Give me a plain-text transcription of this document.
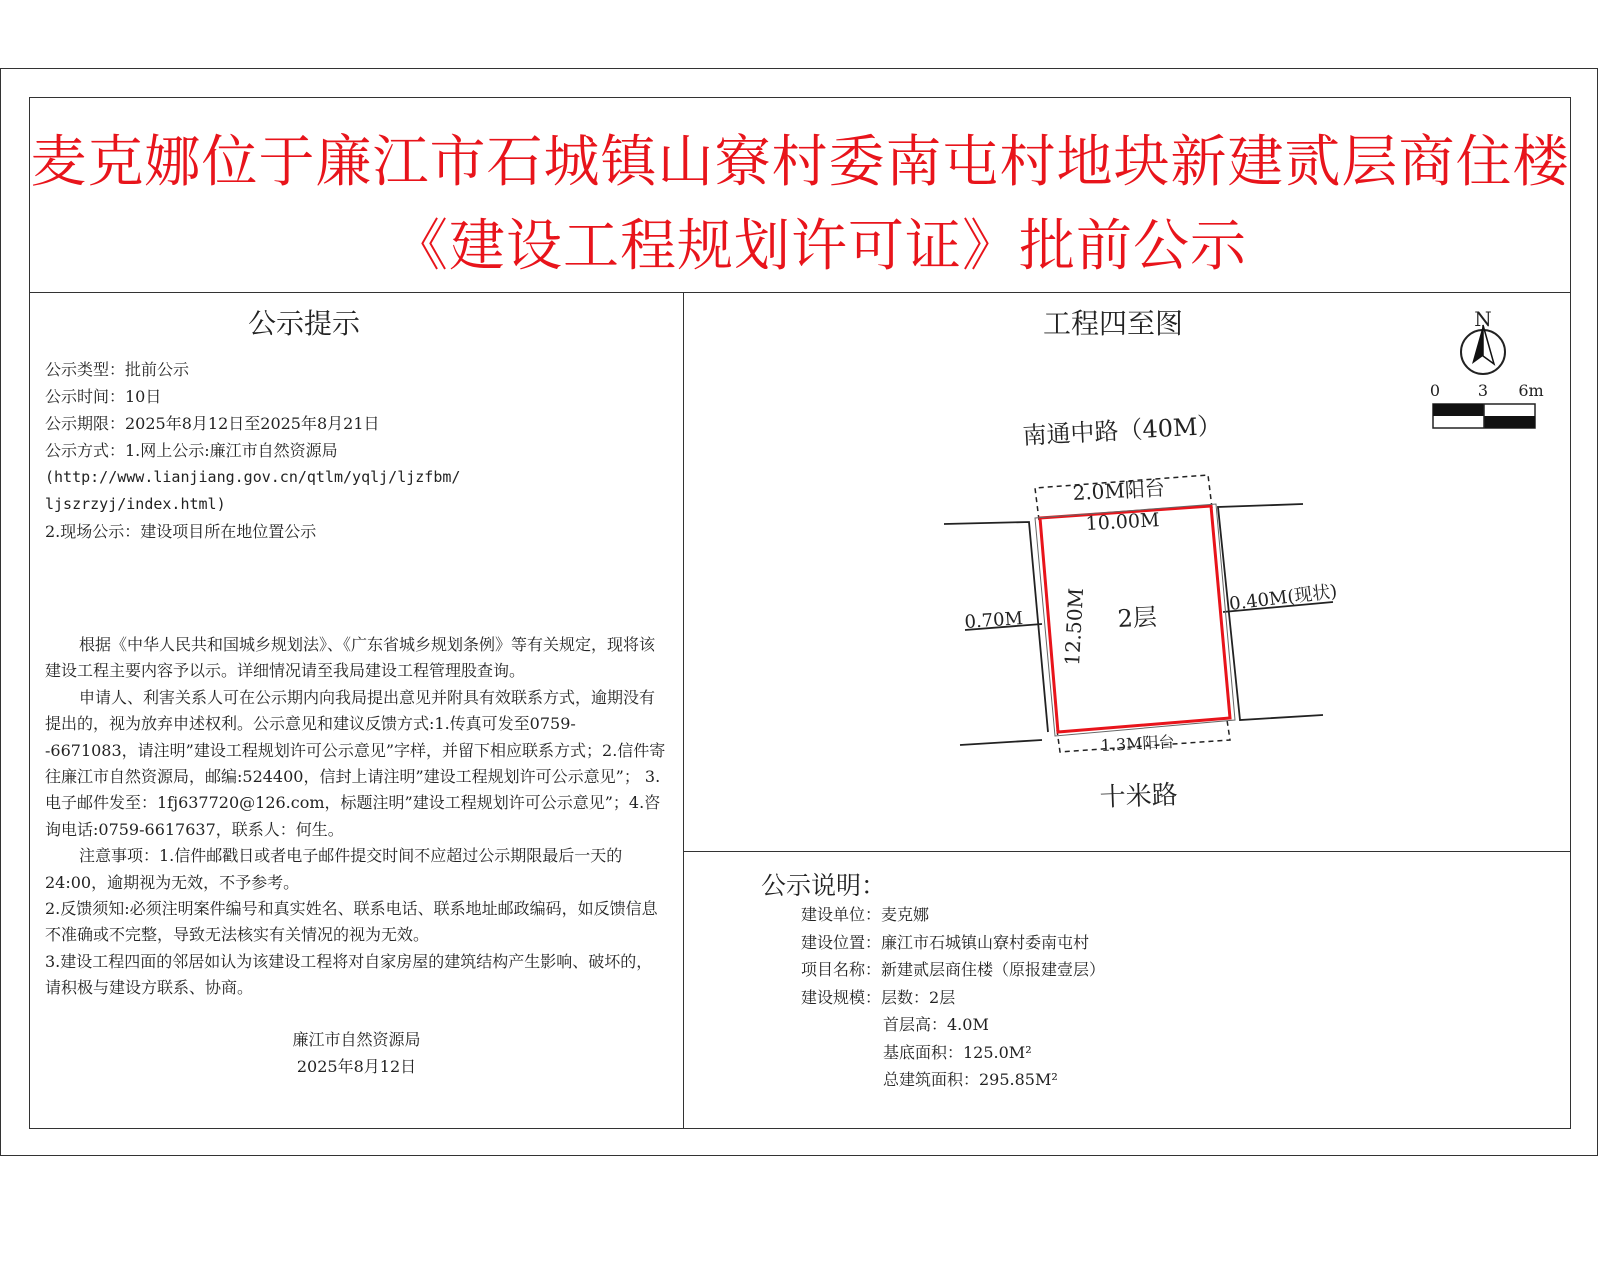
麦克娜位于廉江市石城镇山寮村委南屯村地块新建贰层商住楼
《建设工程规划许可证》批前公示
公示提示
公示类型：批前公示
公示时间：10日
公示期限：2025年8月12日至2025年8月21日
公示方式：1.网上公示:廉江市自然资源局
(http://www.lianjiang.gov.cn/qtlm/yqlj/ljzfbm/
ljszrzyj/index.html)
2.现场公示：建设项目所在地位置公示

根据《中华人民共和国城乡规划法》、《广东省城乡规划条例》等有关规定，现将该建设工程主要内容予以示。详细情况请至我局建设工程管理股查询。

申请人、利害关系人可在公示期内向我局提出意见并附具有效联系方式，逾期没有提出的，视为放弃申述权利。公示意见和建议反馈方式:1.传真可发至0759--6671083，请注明”建设工程规划许可公示意见”字样，并留下相应联系方式；2.信件寄往廉江市自然资源局，邮编:524400，信封上请注明”建设工程规划许可公示意见”； 3.电子邮件发至：1fj637720@126.com，标题注明”建设工程规划许可公示意见”；4.咨询电话:0759-6617637，联系人：何生。

注意事项：1.信件邮戳日或者电子邮件提交时间不应超过公示期限最后一天的24:00，逾期视为无效，不予参考。

2.反馈须知:必须注明案件编号和真实姓名、联系电话、联系地址邮政编码，如反馈信息不准确或不完整，导致无法核实有关情况的视为无效。

3.建设工程四面的邻居如认为该建设工程将对自家房屋的建筑结构产生影响、破坏的，请积极与建设方联系、协商。

廉江市自然资源局
2025年8月12日
工程四至图	N
0 3 6m
南通中路（40M）
2.0M阳台
10.00M
12.50M 2层
0.70M
0.40M(现状)
1.3M阳台
十米路
公示说明：
建设单位：麦克娜
建设位置：廉江市石城镇山寮村委南屯村
项目名称：新建贰层商住楼（原报建壹层）
建设规模：层数：2层
首层高：4.0M
基底面积：125.0M²
总建筑面积：295.85M²
